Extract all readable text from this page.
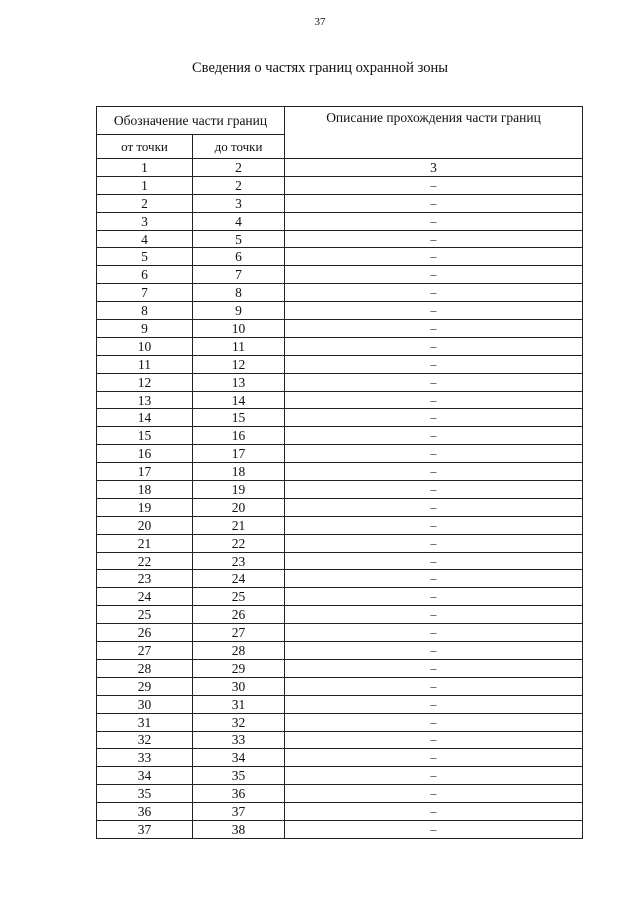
37
Сведения о частях границ охранной зоны
Обозначение части границ		Описание прохождения части границ
от точки	до точки	
1	2	3
1	2	–
2	3	–
3	4	–
4	5	–
5	6	–
6	7	–
7	8	–
8	9	–
9	10	–
10	11	–
11	12	–
12	13	–
13	14	–
14	15	–
15	16	–
16	17	–
17	18	–
18	19	–
19	20	–
20	21	–
21	22	–
22	23	–
23	24	–
24	25	–
25	26	–
26	27	–
27	28	–
28	29	–
29	30	–
30	31	–
31	32	–
32	33	–
33	34	–
34	35	–
35	36	–
36	37	–
37	38	–
